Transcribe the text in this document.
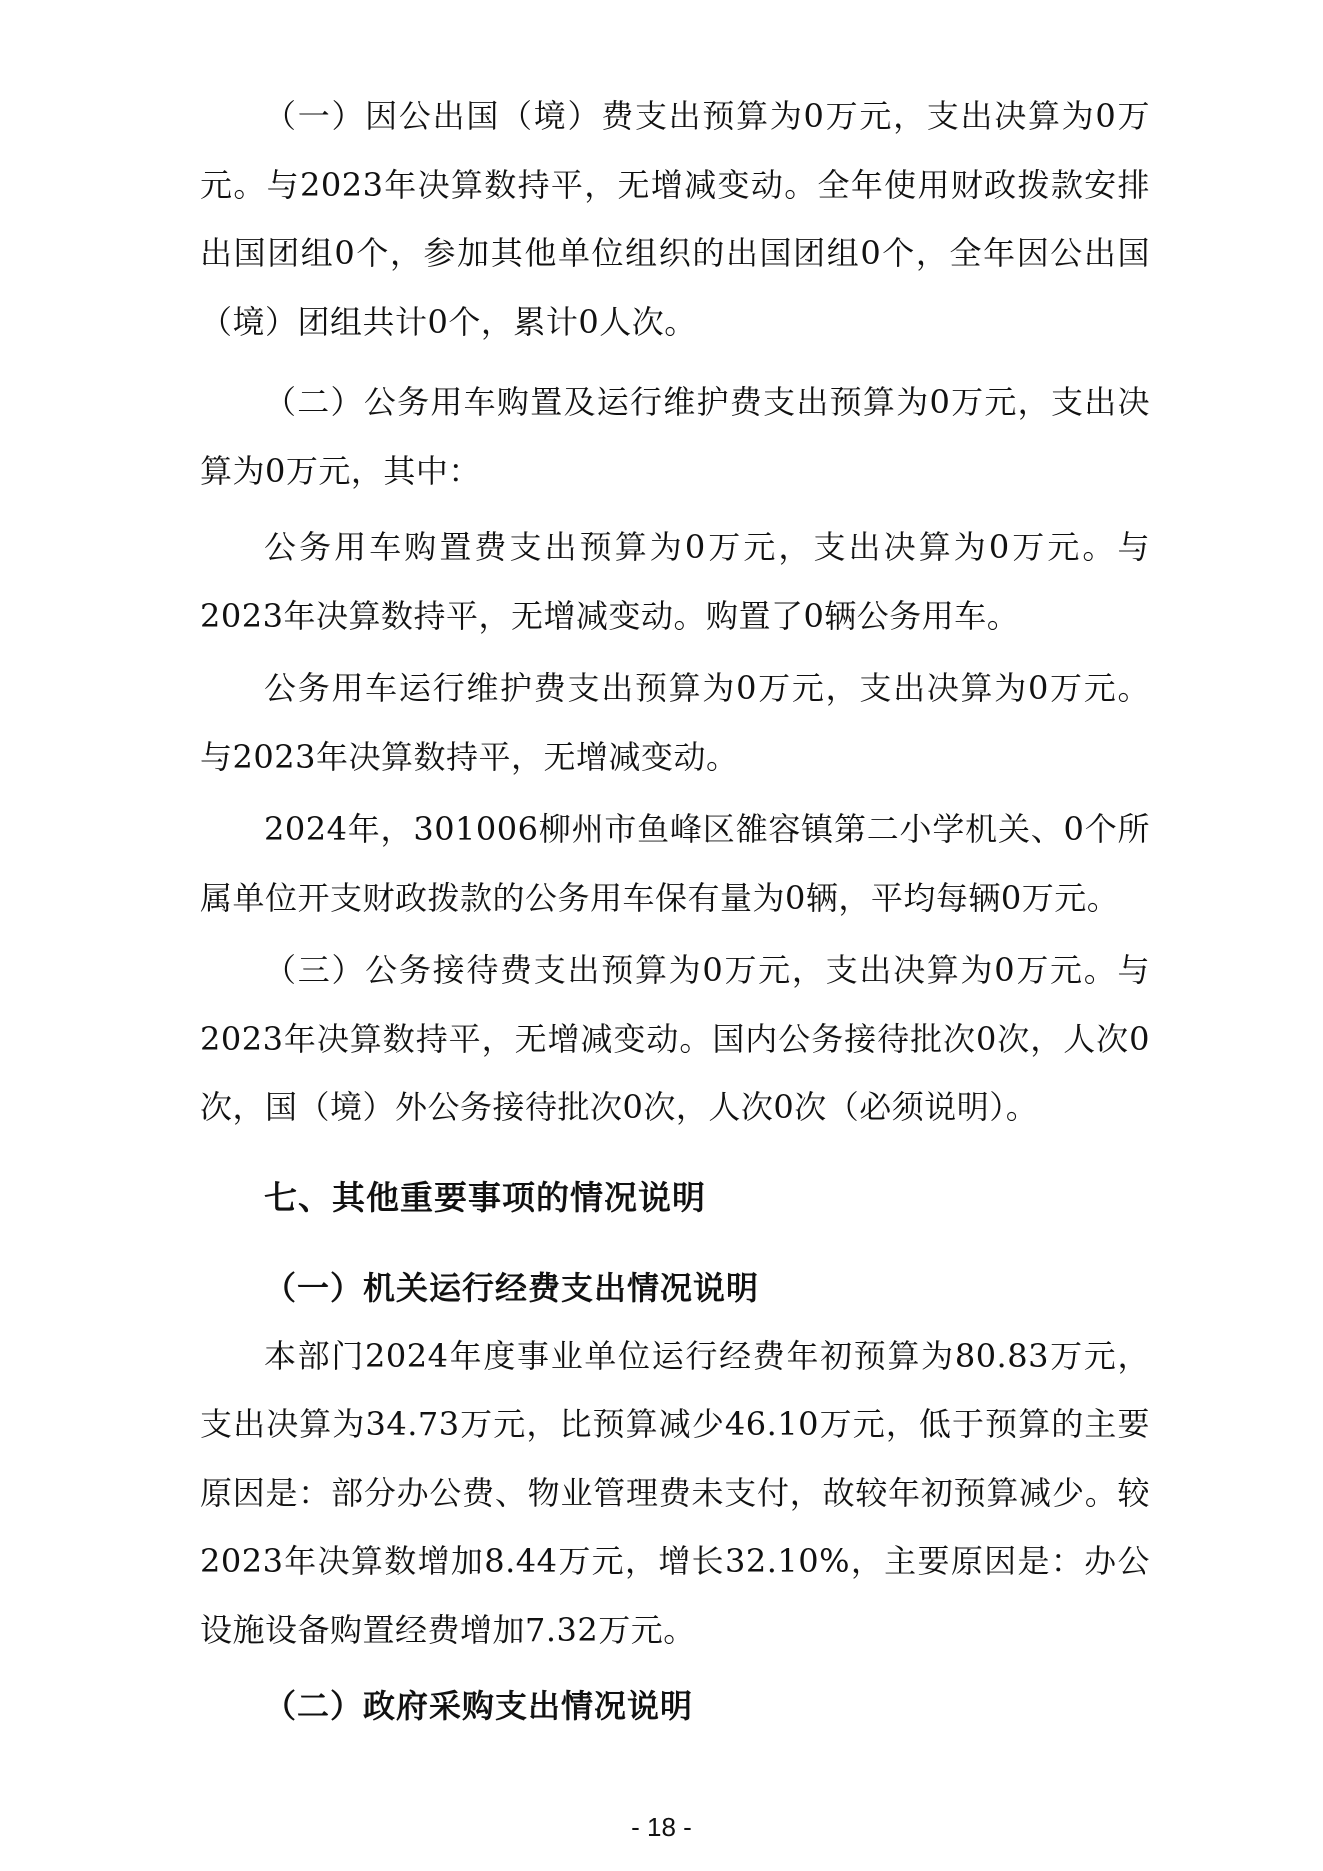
（一）因公出国（境）费支出预算为0万元，支出决算为0万元。与2023年决算数持平，无增减变动。全年使用财政拨款安排出国团组0个，参加其他单位组织的出国团组0个，全年因公出国（境）团组共计0个，累计0人次。

（二）公务用车购置及运行维护费支出预算为0万元，支出决算为0万元，其中：

公务用车购置费支出预算为0万元，支出决算为0万元。与2023年决算数持平，无增减变动。购置了0辆公务用车。

公务用车运行维护费支出预算为0万元，支出决算为0万元。与2023年决算数持平，无增减变动。

2024年，301006柳州市鱼峰区雒容镇第二小学机关、0个所属单位开支财政拨款的公务用车保有量为0辆，平均每辆0万元。

（三）公务接待费支出预算为0万元，支出决算为0万元。与2023年决算数持平，无增减变动。国内公务接待批次0次，人次0次，国（境）外公务接待批次0次，人次0次（必须说明）。

七、其他重要事项的情况说明
（一）机关运行经费支出情况说明

本部门2024年度事业单位运行经费年初预算为80.83万元，支出决算为34.73万元，比预算减少46.10万元，低于预算的主要原因是：部分办公费、物业管理费未支付，故较年初预算减少。较2023年决算数增加8.44万元，增长32.10%，主要原因是：办公设施设备购置经费增加7.32万元。

（二）政府采购支出情况说明
- 18 -
